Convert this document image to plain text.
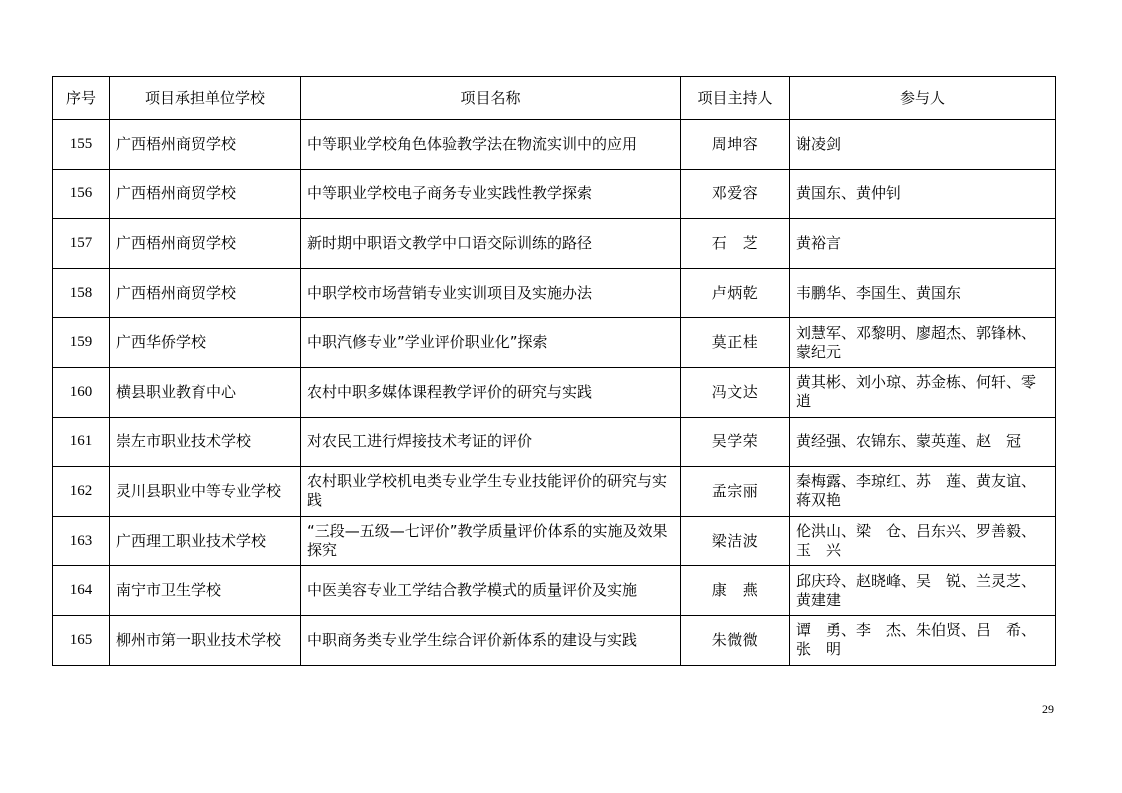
序号	项目承担单位学校	项目名称	项目主持人	参与人
155	广西梧州商贸学校	中等职业学校角色体验教学法在物流实训中的应用	周坤容	谢凌剑
156	广西梧州商贸学校	中等职业学校电子商务专业实践性教学探索	邓爱容	黄国东、黄仲钊
157	广西梧州商贸学校	新时期中职语文教学中口语交际训练的路径	石　芝	黄裕言
158	广西梧州商贸学校	中职学校市场营销专业实训项目及实施办法	卢炳乾	韦鹏华、李国生、黄国东
159	广西华侨学校	中职汽修专业”学业评价职业化”探索	莫正桂	刘慧军、邓黎明、廖超杰、郭锋林、蒙纪元
160	横县职业教育中心	农村中职多媒体课程教学评价的研究与实践	冯文达	黄其彬、刘小琼、苏金栋、何轩、零逍
161	崇左市职业技术学校	对农民工进行焊接技术考证的评价	吴学荣	黄经强、农锦东、蒙英莲、赵　冠
162	灵川县职业中等专业学校	农村职业学校机电类专业学生专业技能评价的研究与实践	孟宗丽	秦梅露、李琼红、苏　莲、黄友谊、蒋双艳
163	广西理工职业技术学校	“三段—五级—七评价”教学质量评价体系的实施及效果探究	梁洁波	伦洪山、梁　仓、吕东兴、罗善毅、玉　兴
164	南宁市卫生学校	中医美容专业工学结合教学模式的质量评价及实施	康　燕	邱庆玲、赵晓峰、吴　锐、兰灵芝、黄建建
165	柳州市第一职业技术学校	中职商务类专业学生综合评价新体系的建设与实践	朱微微	谭　勇、李　杰、朱伯贤、吕　希、张　明
29
